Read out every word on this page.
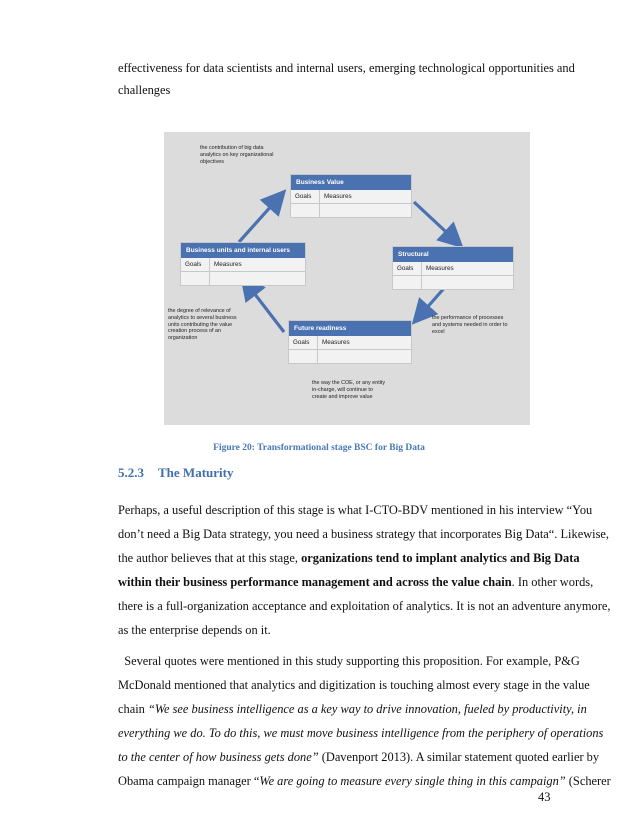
effectiveness for data scientists and internal users, emerging technological opportunities and
challenges
the contribution of big data
analytics on key organizational
objectives
Business Value
Goals	Measures
Business units and internal users
Goals	Measures
Structural
Goals	Measures
Future readiness
Goals	Measures
the degree of relevance of
analytics to several business
units contributing the value
creation process of an
organization
the performance of processes
and systems needed in order to
excel
the way the COE, or any entity
in-charge, will continue to
create and improve value
Figure 20: Transformational stage BSC for Big Data
5.2.3 The Maturity
Perhaps, a useful description of this stage is what I-CTO-BDV mentioned in his interview “You
don’t need a Big Data strategy, you need a business strategy that incorporates Big Data“. Likewise,
the author believes that at this stage, organizations tend to implant analytics and Big Data
within their business performance management and across the value chain. In other words,
there is a full-organization acceptance and exploitation of analytics. It is not an adventure anymore,
as the enterprise depends on it.
Several quotes were mentioned in this study supporting this proposition. For example, P&G
McDonald mentioned that analytics and digitization is touching almost every stage in the value
chain “We see business intelligence as a key way to drive innovation, fueled by productivity, in
everything we do. To do this, we must move business intelligence from the periphery of operations
to the center of how business gets done” (Davenport 2013). A similar statement quoted earlier by
Obama campaign manager “We are going to measure every single thing in this campaign” (Scherer
43
